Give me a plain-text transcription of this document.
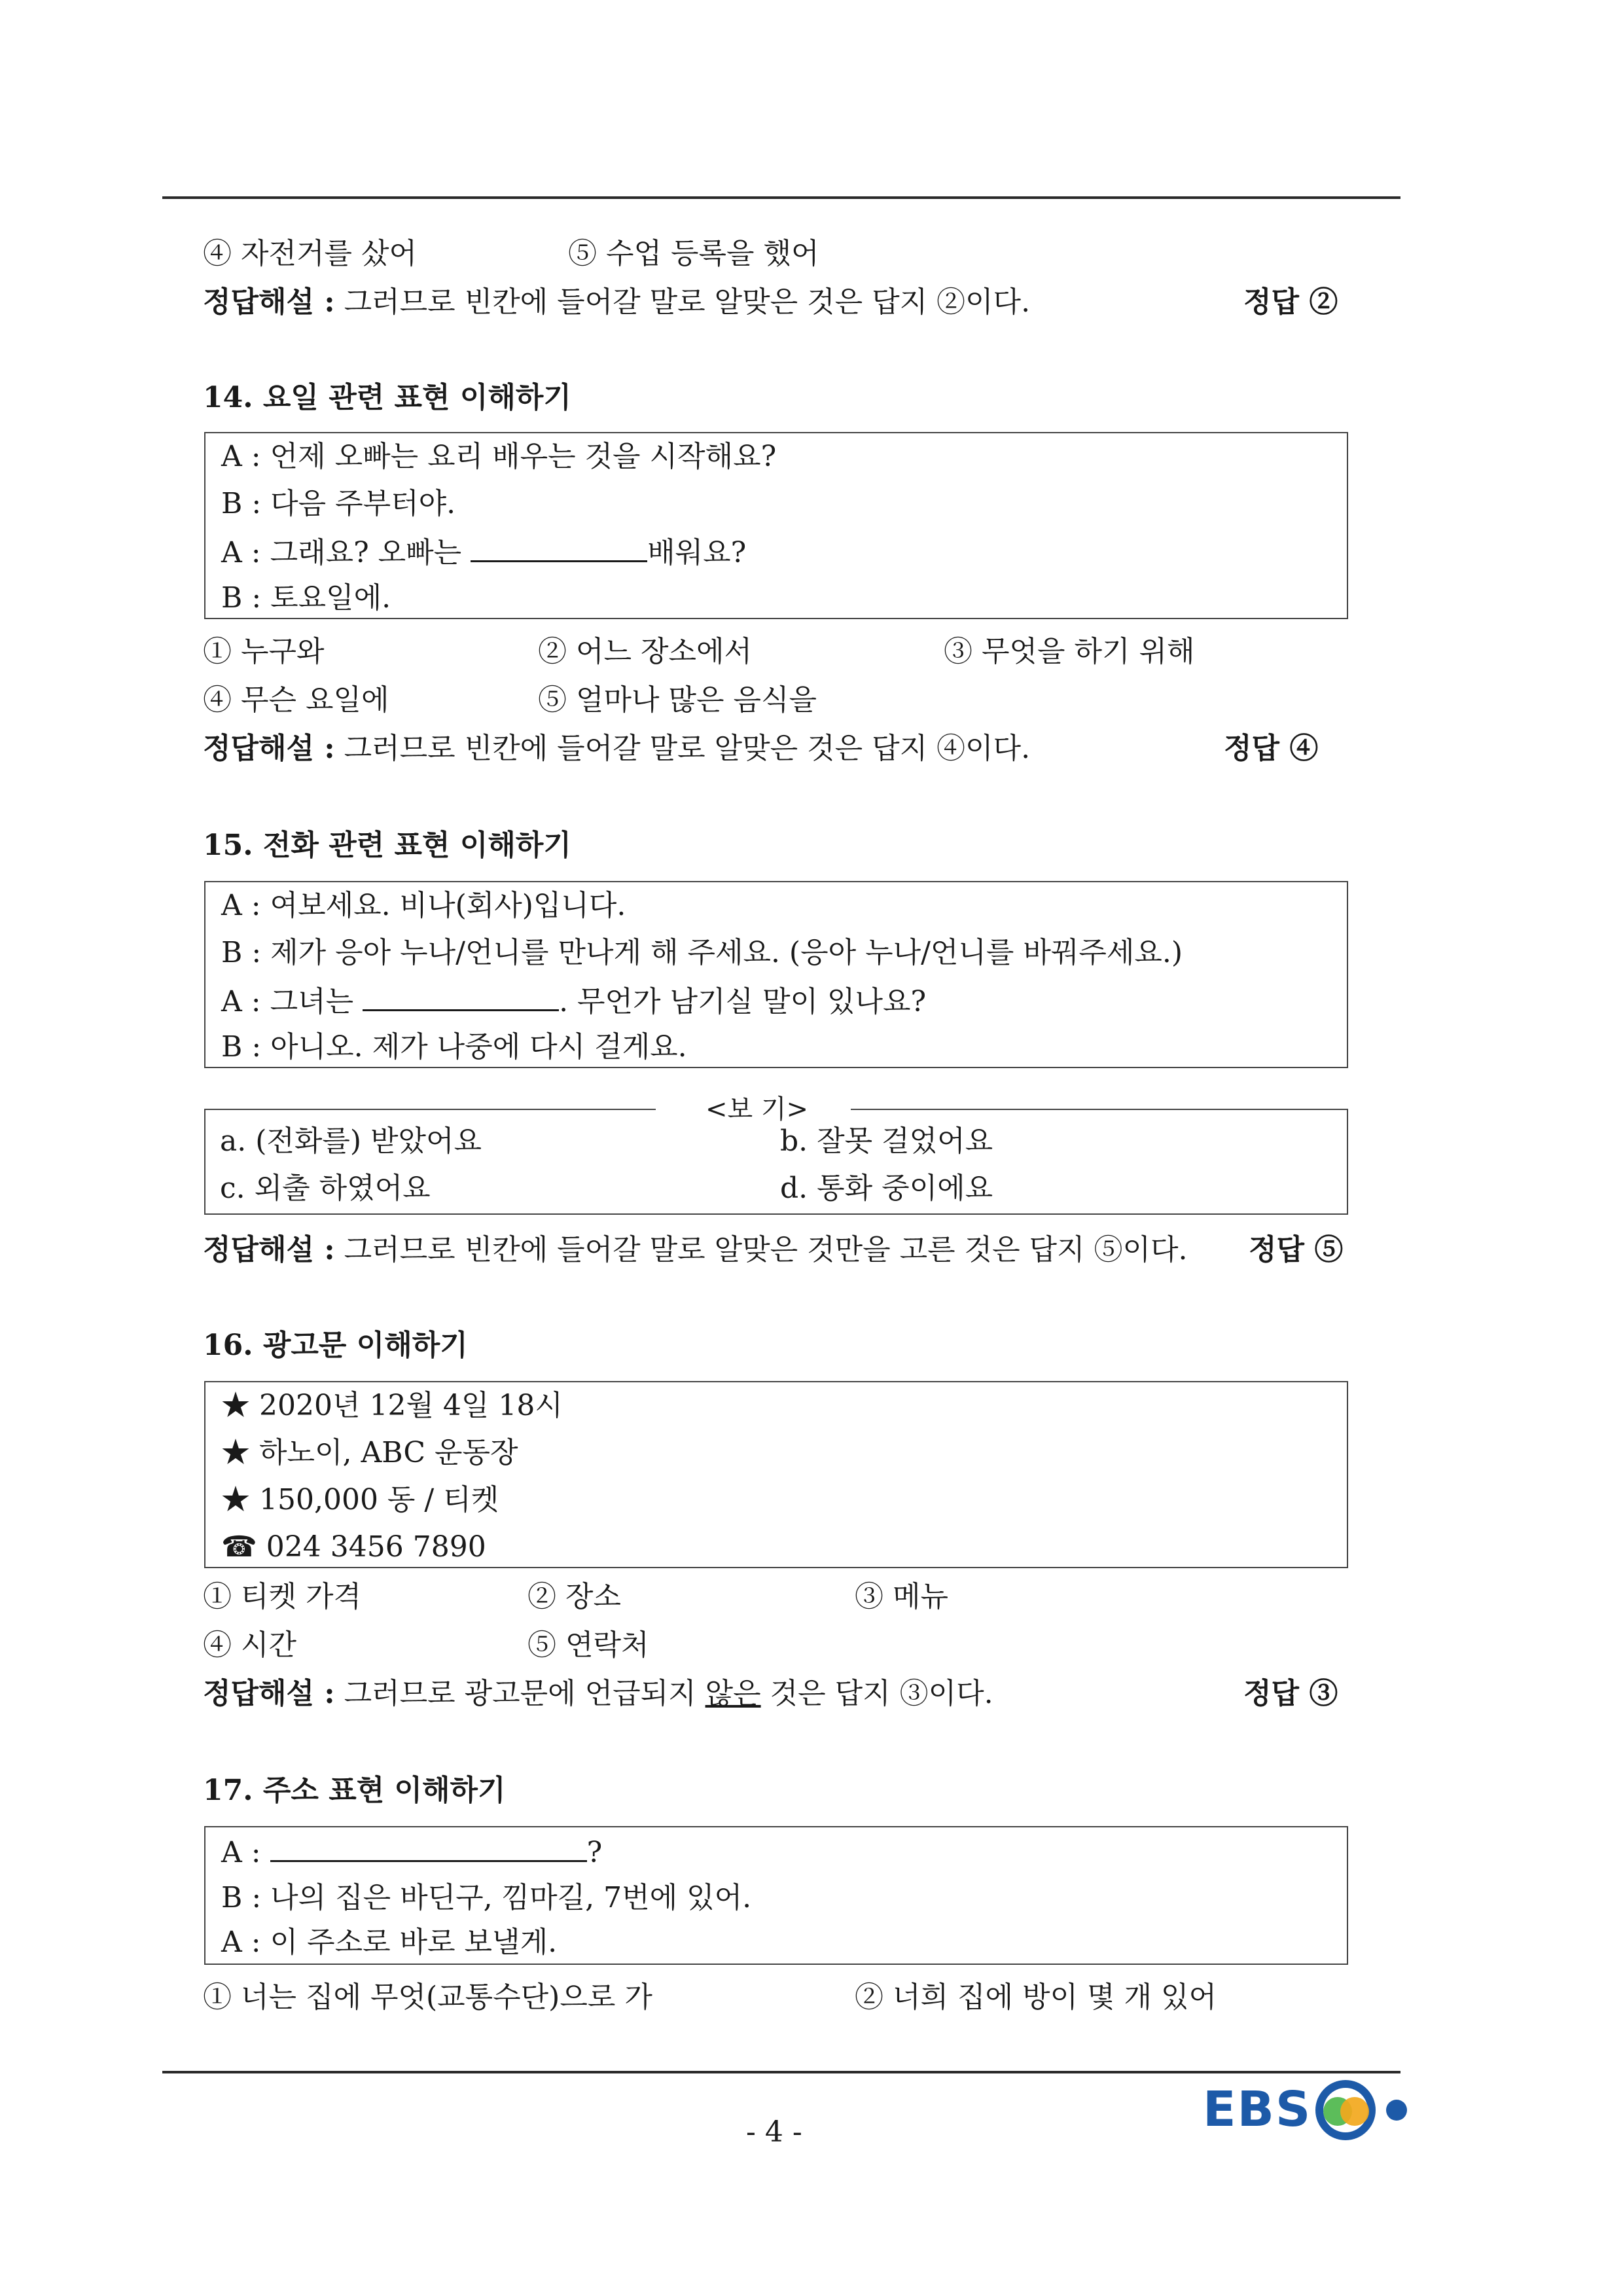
④ 자전거를 샀어	⑤ 수업 등록을 했어
정답해설 : 그러므로 빈칸에 들어갈 말로 알맞은 것은 답지 ②이다.	정답 ②
14. 요일 관련 표현 이해하기
A : 언제 오빠는 요리 배우는 것을 시작해요?
B : 다음 주부터야.
A : 그래요? 오빠는	배워요?
B : 토요일에.
① 누구와	② 어느 장소에서	③ 무엇을 하기 위해
④ 무슨 요일에	⑤ 얼마나 많은 음식을
정답해설 : 그러므로 빈칸에 들어갈 말로 알맞은 것은 답지 ④이다.	정답 ④
15. 전화 관련 표현 이해하기
A : 여보세요. 비나(회사)입니다.
B : 제가 응아 누나/언니를 만나게 해 주세요. (응아 누나/언니를 바꿔주세요.)
A : 그녀는	. 무언가 남기실 말이 있나요?
B : 아니오. 제가 나중에 다시 걸게요.
<보 기>
a. (전화를) 받았어요	b. 잘못 걸었어요
c. 외출 하였어요	d. 통화 중이에요
정답해설 : 그러므로 빈칸에 들어갈 말로 알맞은 것만을 고른 것은 답지 ⑤이다. 정답 ⑤
16. 광고문 이해하기
★ 2020년 12월 4일 18시
★ 하노이, ABC 운동장
★ 150,000 동 / 티켓
☎ 024 3456 7890
① 티켓 가격	② 장소	③ 메뉴
④ 시간	⑤ 연락처
정답해설 : 그러므로 광고문에 언급되지 않은 것은 답지 ③이다.	정답 ③
17. 주소 표현 이해하기
A :	?
B : 나의 집은 바딘구, 낌마길, 7번에 있어.
A : 이 주소로 바로 보낼게.
① 너는 집에 무엇(교통수단)으로 가	② 너희 집에 방이 몇 개 있어
- 4 -	EBS
